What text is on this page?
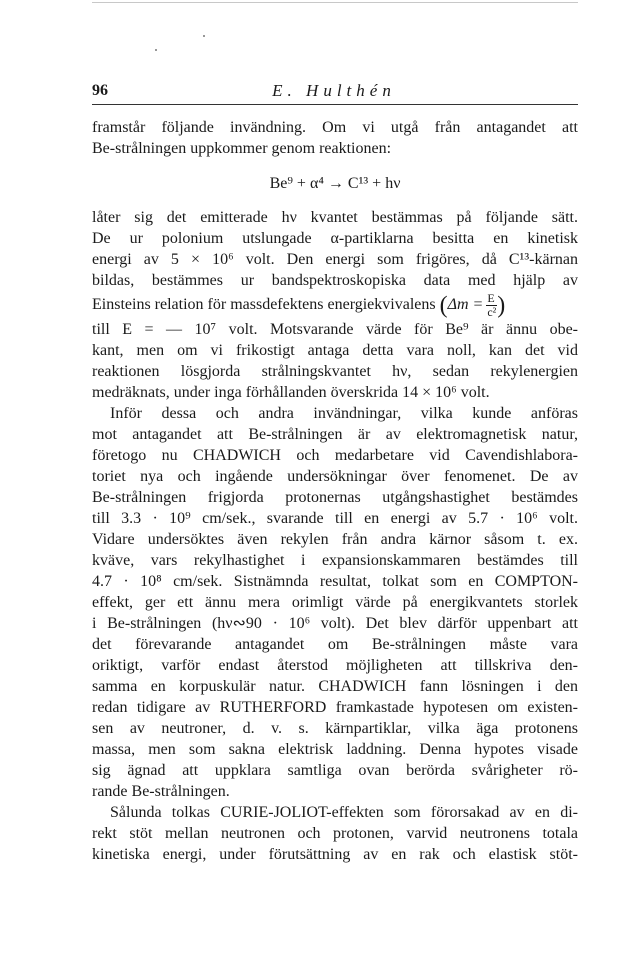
96	E. Hulthén
framstår följande invändning. Om vi utgå från antagandet att
Be-strålningen uppkommer genom reaktionen:
Be⁹ + α⁴ → C¹³ + hν
låter sig det emitterade hν kvantet bestämmas på följande sätt.
De ur polonium utslungade α-partiklarna besitta en kinetisk
energi av 5 × 10⁶ volt. Den energi som frigöres, då C¹³-kärnan
bildas, bestämmes ur bandspektroskopiska data med hjälp av
Einsteins relation för massdefektens energiekvivalens ($\Delta m = \frac{E}{\text{c²}}$ )
till E = — 10⁷ volt. Motsvarande värde för Be⁹ är ännu obe-
kant, men om vi frikostigt antaga detta vara noll, kan det vid
reaktionen lösgjorda strålningskvantet hν, sedan rekylenergien
medräknats, under inga förhållanden överskrida 14 × 10⁶ volt.
Inför dessa och andra invändningar, vilka kunde anföras
mot antagandet att Be-strålningen är av elektromagnetisk natur,
företogo nu CHADWICH och medarbetare vid Cavendishlabora-
toriet nya och ingående undersökningar över fenomenet. De av
Be-strålningen frigjorda protonernas utgångshastighet bestämdes
till 3.3 · 10⁹ cm/sek., svarande till en energi av 5.7 · 10⁶ volt.
Vidare undersöktes även rekylen från andra kärnor såsom t. ex.
kväve, vars rekylhastighet i expansionskammaren bestämdes till
4.7 · 10⁸ cm/sek. Sistnämnda resultat, tolkat som en COMPTON-
effekt, ger ett ännu mera orimligt värde på energikvantets storlek
i Be-strålningen (hν∾90 · 10⁶ volt). Det blev därför uppenbart att
det förevarande antagandet om Be-strålningen måste vara
oriktigt, varför endast återstod möjligheten att tillskriva den-
samma en korpuskulär natur. CHADWICH fann lösningen i den
redan tidigare av RUTHERFORD framkastade hypotesen om existen-
sen av neutroner, d. v. s. kärnpartiklar, vilka äga protonens
massa, men som sakna elektrisk laddning. Denna hypotes visade
sig ägnad att uppklara samtliga ovan berörda svårigheter rö-
rande Be-strålningen.
Sålunda tolkas CURIE-JOLIOT-effekten som förorsakad av en di-
rekt stöt mellan neutronen och protonen, varvid neutronens totala
kinetiska energi, under förutsättning av en rak och elastisk stöt-
